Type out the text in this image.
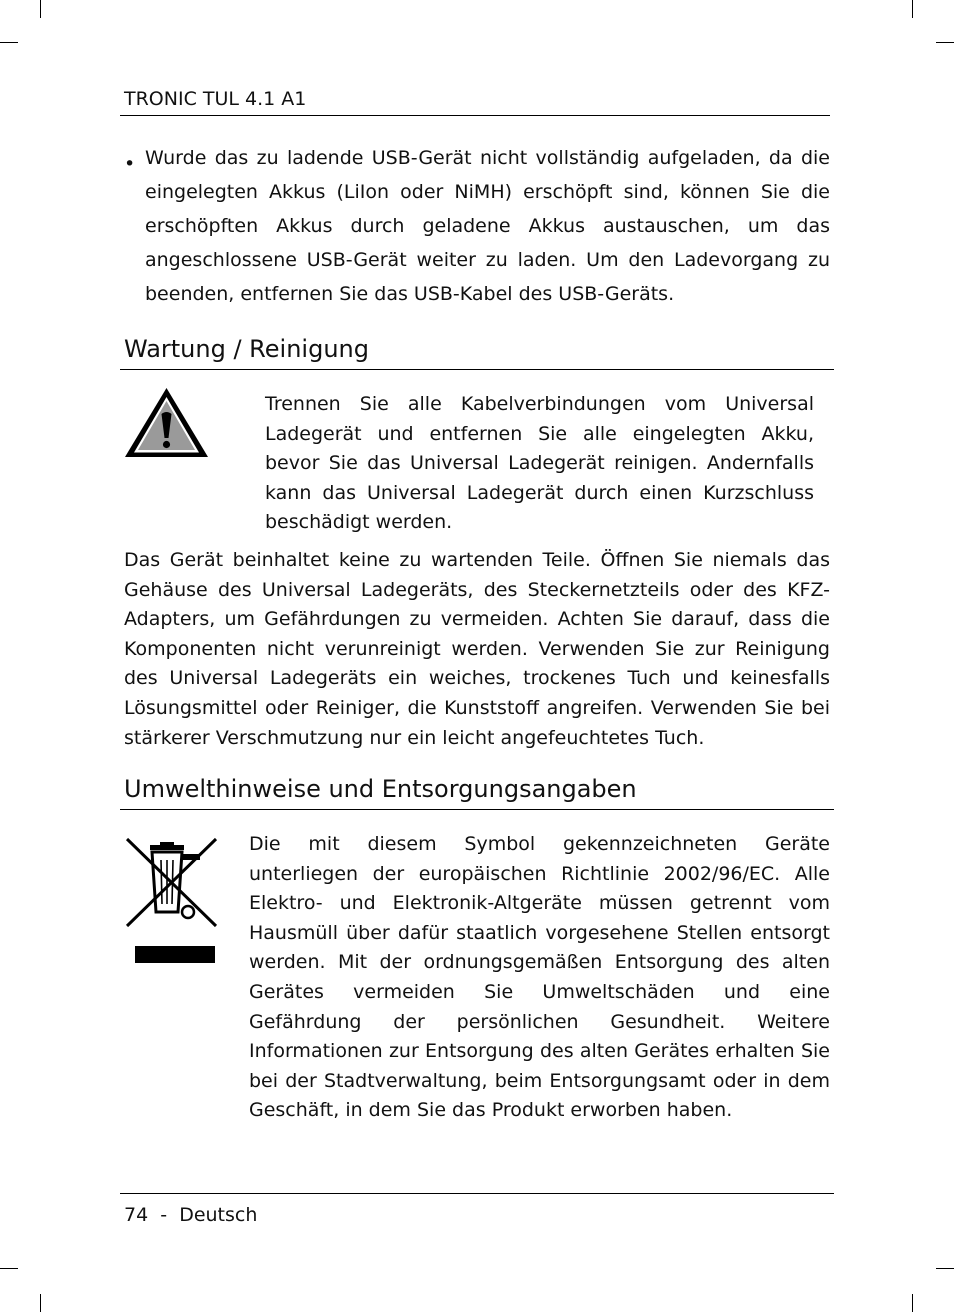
TRONIC TUL 4.1 A1
• Wurde das zu ladende USB-Gerät nicht vollständig aufgeladen, da die eingelegten Akkus (LiIon oder NiMH) erschöpft sind, können Sie die erschöpften Akkus durch geladene Akkus austauschen, um das angeschlossene USB-Gerät weiter zu laden. Um den Ladevorgang zu beenden, entfernen Sie das USB-Kabel des USB-Geräts.
Wartung / Reinigung
Trennen Sie alle Kabelverbindungen vom Universal Ladegerät und entfernen Sie alle eingelegten Akku, bevor Sie das Universal Ladegerät reinigen. Andernfalls kann das Universal Ladegerät durch einen Kurzschluss beschädigt werden.
Das Gerät beinhaltet keine zu wartenden Teile. Öffnen Sie niemals das Gehäuse des Universal Ladegeräts, des Steckernetzteils oder des KFZ-Adapters, um Gefährdungen zu vermeiden. Achten Sie darauf, dass die Komponenten nicht verunreinigt werden. Verwenden Sie zur Reinigung des Universal Ladegeräts ein weiches, trockenes Tuch und keinesfalls Lösungsmittel oder Reiniger, die Kunststoff angreifen. Verwenden Sie bei stärkerer Verschmutzung nur ein leicht angefeuchtetes Tuch.
Umwelthinweise und Entsorgungsangaben
Die mit diesem Symbol gekennzeichneten Geräte unterliegen der europäischen Richtlinie 2002/96/EC. Alle Elektro- und Elektronik-Altgeräte müssen getrennt vom Hausmüll über dafür staatlich vorgesehene Stellen entsorgt werden. Mit der ordnungsgemäßen Entsorgung des alten Gerätes vermeiden Sie Umweltschäden und eine Gefährdung der persönlichen Gesundheit. Weitere Informationen zur Entsorgung des alten Gerätes erhalten Sie bei der Stadtverwaltung, beim Entsorgungsamt oder in dem Geschäft, in dem Sie das Produkt erworben haben.
74  -  Deutsch
